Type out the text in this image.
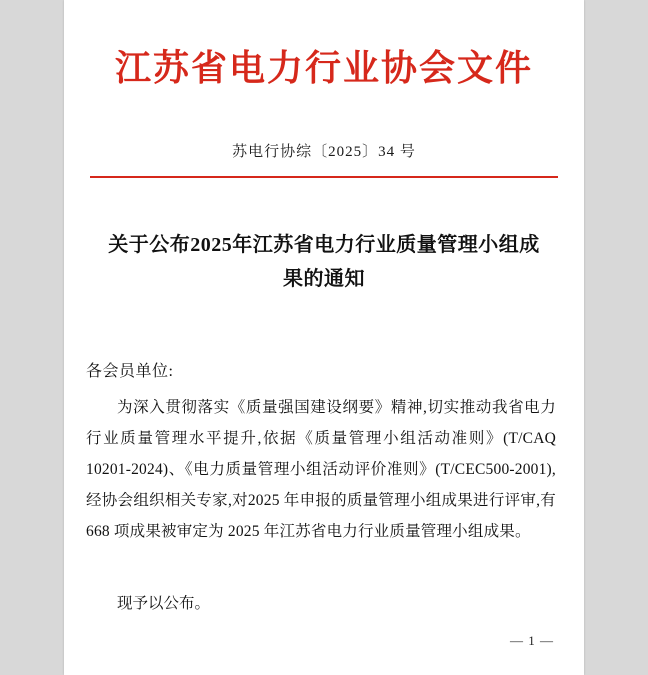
江苏省电力行业协会文件
苏电行协综〔2025〕34 号
关于公布2025年江苏省电力行业质量管理小组成果的通知
各会员单位:

为深入贯彻落实《质量强国建设纲要》精神,切实推动我省电力行业质量管理水平提升,依据《质量管理小组活动准则》(T/CAQ 10201-2024)、《电力质量管理小组活动评价准则》(T/CEC500-2001),经协会组织相关专家,对2025 年申报的质量管理小组成果进行评审,有 668 项成果被审定为 2025 年江苏省电力行业质量管理小组成果。

现予以公布。
— 1 —
